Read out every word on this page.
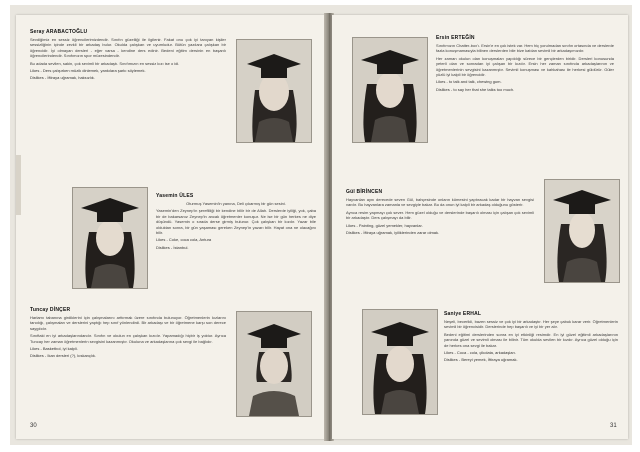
Seray ARABACTOĞLU

Sevdiğimiz en sessiz öğrencilerimizdendir. Sınıfın güzelliği ile ilgilenir. Fakat onu çok iyi tanıyan kişiler sessizliğinin içinde zevkli bir arkadaş bulur. Okulda çalışkan ve uyumludur. Bütün yazılara çalışkan bir öğrencidir. İyi olmayan dersleri - eğer varsa - kendine ders edinir. Bedeni eğitim dersinin en başarılı öğrencilerindendir. Sınıfımızın spor müzesindendir.

Bu adada sevilen, sakin, çok sevimli bir arkadaştı. Sınıfımızın en sessiz kızı ise o idi.

Likes - Ders çalışırken müzik dinlemek, yankılara şarkı söylemek.
Dislikes - İftiraya uğramak, haksızlık.
Yasemin ÜLES

Oturmuş Yasemin'in yanına, Deli çıkarmış bir gün sesini.

Yasemin'den Zeynep'in şerefliliği bir kendine biliir bir de Allah. Derslerde iyiliği, yok, çaba bir de bakarsanız Zeynep'in ancak öğretmenler konuşur. Ne ise bir gün herkes ne diye düşündü. Yasemin o sırada derse girmiş bulunur. Çok çalışkan bir kızdır. Yazar bile olduktan sonra, bir gün yaşaması gereken Zeynep'in yazarı bilir. Hayat ona ne olacağını bilir.

Likes - Coke, coca cola, Antura
Dislikes - İstanbul.
Tuncay DİNÇER

Harlamı tabanına girdiklerini için çalışmalarını arttırmak üzere sınıfında bulunuyor. Öğretmenlerin kızlarını tanıdığı, çalışmaları ve derslerini yaptığı hep sınıf yönlendirdi. Bir arkadaşı ve bir öğretmene karşı son derece saygılıdır.

Sınıftaki en iyi arkadaşlarındandır. Sınıfın ve okulun en çalışkan kızıdır. Yapamadığı hiçbir iş yoktur. Ayrıca Tuncay her zaman öğretmenlerin sevgisini kazanmıştır. Okuluna ve arkadaşlarına çok sevgi ile bağlıdır.

Likes - Basketbol, iyi kalpli.
Dislikes - Ikan dersleri (?), kıskançlık.
30
Ersin ERTEĞİN

Sınıfımızın Chatter-box'ı. Ersin'e en çok istek var. Hem hiç yorulmadan sınıfın ortasında ve derslerde fazla konuşmamasıyla bilinen derslerden bile bize katılan sevimli bir arkadaşımızdır.

Her zaman okulun olan konuşmaları yapıldığı sürece bir gençlerden biridir. Dersleri konusunda yeterli olan ve sonradan iyi çalışan bir kızdır. Ersin her zaman sınıfında arkadaşlarının ve öğretmenlerinin sevgisini kazanmıştır. Sevimli konuşması ve kahkahası ile herkesi güldürür. Güler yüzlü iyi kalpli bir öğrencidir.

Likes - to talk and talk, chewing gum.
Dislikes - to say her that she talks too much.
Gül BİRİNCEN

Hayvanları aynı derecede seven Gül, bahçesinde onların kümesini yaptıracak kadar bir hayvan sevgisi vardır. Bu hayvanlara zamanla ve sevgiyle bakar. Bu da onun iyi kalpli bir arkadaş olduğunu gösterir.

Ayrıca resim yapmayı çok sever. Hem güzel olduğu ve derslerinde başarılı olması için çalışan çok sevimli bir arkadaştır. Ders çalışmayı da bilir.

Likes - Painting, güzel yemekler, hayvanlar.
Dislikes - İftiraya uğramak, iyiliklerinden zarar olmak.
Saniye ERHAL

Neşeli, becerikli, bazen sessiz ve çok iyi bir arkadaştır. Her şeye çabuk karar verir. Öğretmenlerin sevimli bir öğrencisidir. Derslerinde hep başarılı ve iyi bir yer alır.

Bedeni eğitimi derslerinden sonra en iyi etkinliği resimdir. En iyi güzel eğitimli arkadaşlarının yanında güzel ve sevimli olması ile bilinir. Tüm okulda sevilen bir kızdır. Ayrıca güzel olduğu için de herkes ona sevgi ile bakar.

Likes - Coca - cola, çikolata, arkadaşları.
Dislikes - Bereyi yemek, İftiraya uğramak.
31
